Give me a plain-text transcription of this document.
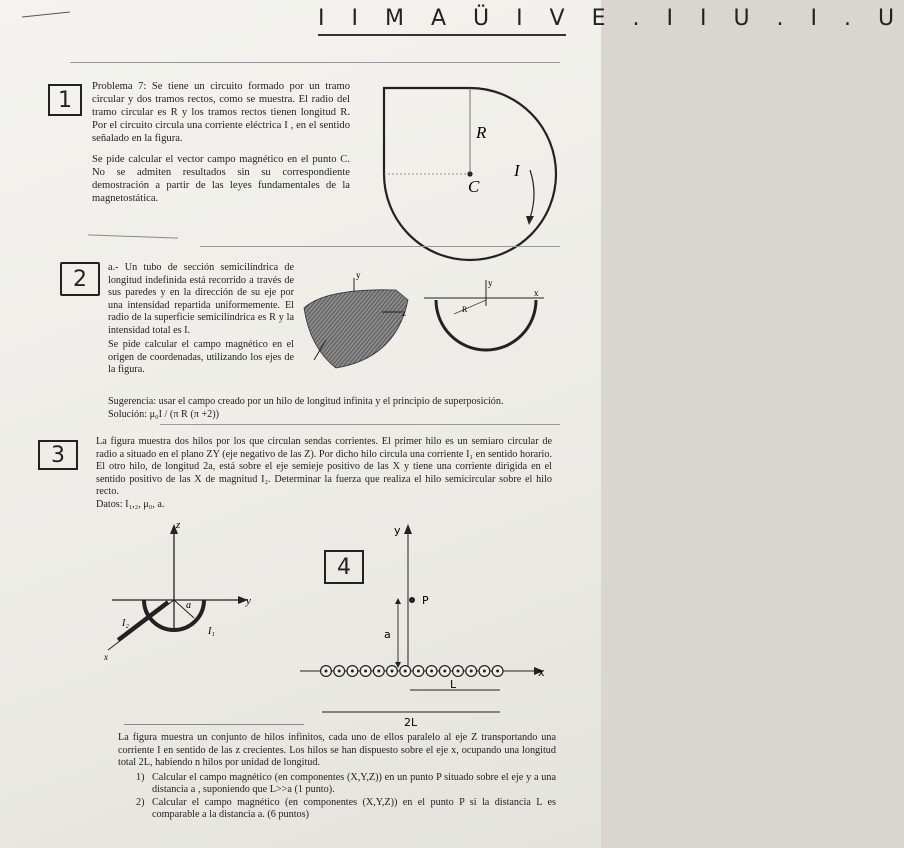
I I M A Ü I V E . I I U . I . U
1

Problema 7: Se tiene un circuito formado por un tramo circular y dos tramos rectos, como se muestra. El radio del tramo circular es R y los tramos rectos tienen longitud R. Por el circuito circula una corriente eléctrica I , en el sentido señalado en la figura.

Se pide calcular el vector campo magnético en el punto C. No se admiten resultados sin su correspondiente demostración a partir de las leyes fundamentales de la magnetostática.

R
C
I
2	a.- Un tubo de sección semicilíndrica de longitud indefinida está recorrido a través de sus paredes y en la dirección de su eje por una intensidad repartida uniformemente. El radio de la superficie semicilíndrica es R y la intensidad total es I.

Se pide calcular el campo magnético en el origen de coordenadas, utilizando los ejes de la figura.

Sugerencia: usar el campo creado por un hilo de longitud infinita y el principio de superposición.

Solución: μ₀I / (π R (π +2))

y
z
x
y
R
3

La figura muestra dos hilos por los que circulan sendas corrientes. El primer hilo es un semiaro circular de radio a situado en el plano ZY (eje negativo de las Z). Por dicho hilo circula una corriente I₁ en sentido horario. El otro hilo, de longitud 2a, está sobre el eje semieje positivo de las X y tiene una corriente dirigida en el sentido positivo de las X de magnitud I₂. Determinar la fuerza que realiza el hilo semicircular sobre el hilo recto.

Datos: I₁,₂, μ₀, a.

z
y
a
I₁
I₂
x
4
y
P
a
x
L
2L

La figura muestra un conjunto de hilos infinitos, cada uno de ellos paralelo al eje Z transportando una corriente I en sentido de las z crecientes. Los hilos se han dispuesto sobre el eje x, ocupando una longitud total 2L, habiendo n hilos por unidad de longitud.

1) Calcular el campo magnético (en componentes (X,Y,Z)) en un punto P situado sobre el eje y a una distancia a , suponiendo que L>>a (1 punto).
2) Calcular el campo magnético (en componentes (X,Y,Z)) en el punto P si la distancia L es comparable a la distancia a. (6 puntos)
